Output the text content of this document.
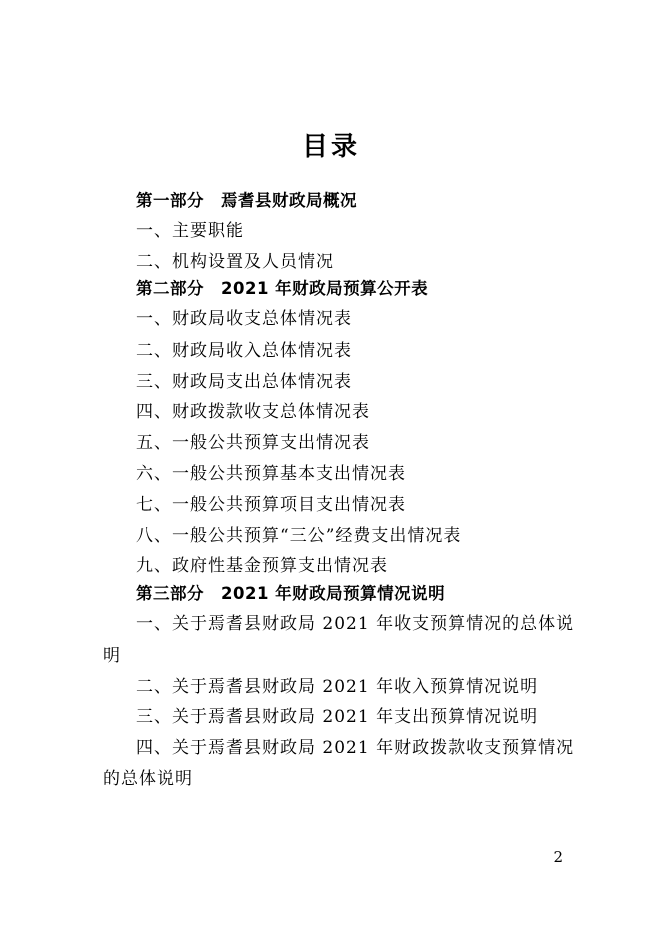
目录
第一部分　焉耆县财政局概况
一、主要职能
二、机构设置及人员情况
第二部分　2021 年财政局预算公开表
一、财政局收支总体情况表
二、财政局收入总体情况表
三、财政局支出总体情况表
四、财政拨款收支总体情况表
五、一般公共预算支出情况表
六、一般公共预算基本支出情况表
七、一般公共预算项目支出情况表
八、一般公共预算“三公”经费支出情况表
九、政府性基金预算支出情况表
第三部分　2021 年财政局预算情况说明
一、关于焉耆县财政局 2021 年收支预算情况的总体说
明
二、关于焉耆县财政局 2021 年收入预算情况说明
三、关于焉耆县财政局 2021 年支出预算情况说明
四、关于焉耆县财政局 2021 年财政拨款收支预算情况
的总体说明
2
